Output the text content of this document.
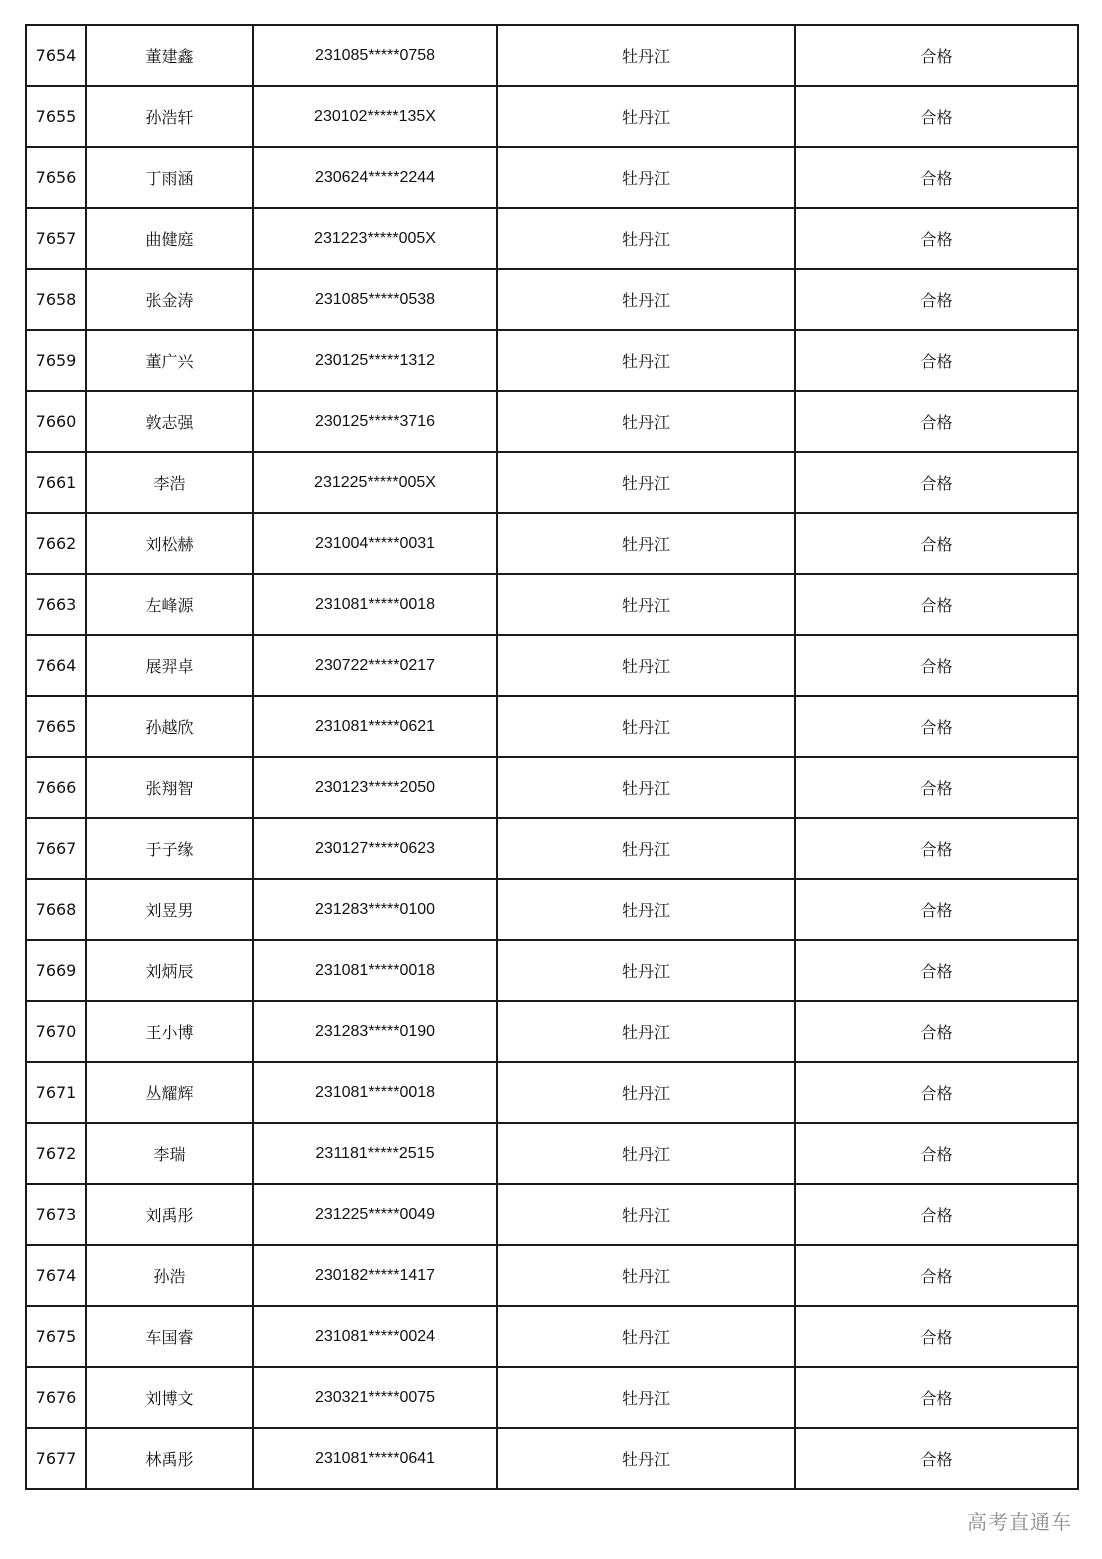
7654	董建鑫	231085*****0758	牡丹江	合格
7655	孙浩轩	230102*****135X	牡丹江	合格
7656	丁雨涵	230624*****2244	牡丹江	合格
7657	曲健庭	231223*****005X	牡丹江	合格
7658	张金涛	231085*****0538	牡丹江	合格
7659	董广兴	230125*****1312	牡丹江	合格
7660	敦志强	230125*****3716	牡丹江	合格
7661	李浩	231225*****005X	牡丹江	合格
7662	刘松赫	231004*****0031	牡丹江	合格
7663	左峰源	231081*****0018	牡丹江	合格
7664	展羿卓	230722*****0217	牡丹江	合格
7665	孙越欣	231081*****0621	牡丹江	合格
7666	张翔智	230123*****2050	牡丹江	合格
7667	于子缘	230127*****0623	牡丹江	合格
7668	刘昱男	231283*****0100	牡丹江	合格
7669	刘炳辰	231081*****0018	牡丹江	合格
7670	王小博	231283*****0190	牡丹江	合格
7671	丛耀辉	231081*****0018	牡丹江	合格
7672	李瑞	231181*****2515	牡丹江	合格
7673	刘禹彤	231225*****0049	牡丹江	合格
7674	孙浩	230182*****1417	牡丹江	合格
7675	车国睿	231081*****0024	牡丹江	合格
7676	刘博文	230321*****0075	牡丹江	合格
7677	林禹彤	231081*****0641	牡丹江	合格
高考直通车
